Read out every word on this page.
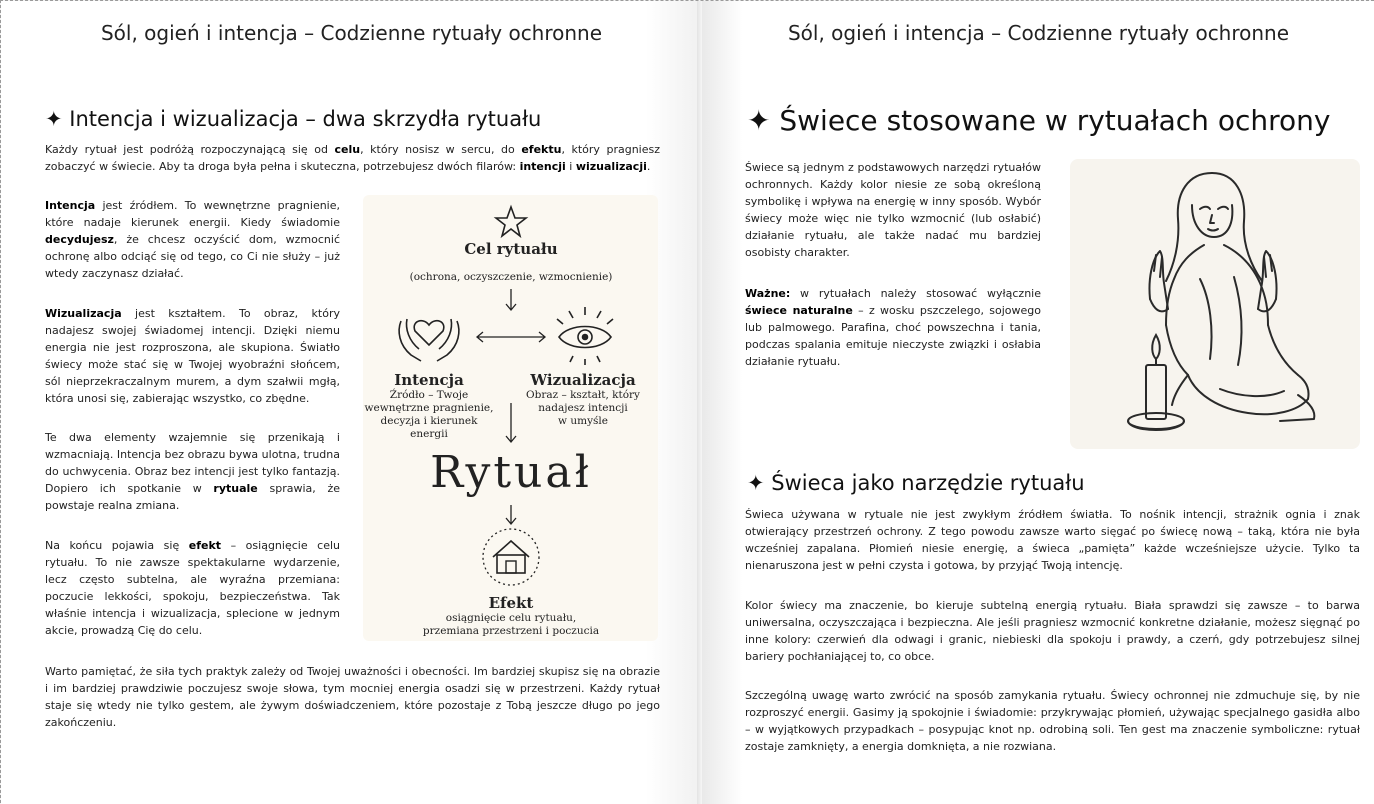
Sól, ogień i intencja – Codzienne rytuały ochronne
✦ Intencja i wizualizacja – dwa skrzydła rytuału

Każdy rytuał jest podróżą rozpoczynającą się od celu, który nosisz w sercu, do efektu, który pragniesz zobaczyć w świecie. Aby ta droga była pełna i skuteczna, potrzebujesz dwóch filarów: intencji i wizualizacji.

Intencja jest źródłem. To wewnętrzne pragnienie, które nadaje kierunek energii. Kiedy świadomie decydujesz, że chcesz oczyścić dom, wzmocnić ochronę albo odciąć się od tego, co Ci nie służy – już wtedy zaczynasz działać.

Wizualizacja jest kształtem. To obraz, który nadajesz swojej świadomej intencji. Dzięki niemu energia nie jest rozproszona, ale skupiona. Światło świecy może stać się w Twojej wyobraźni słońcem, sól nieprzekraczalnym murem, a dym szałwii mgłą, która unosi się, zabierając wszystko, co zbędne.

Te dwa elementy wzajemnie się przenikają i wzmacniają. Intencja bez obrazu bywa ulotna, trudna do uchwycenia. Obraz bez intencji jest tylko fantazją. Dopiero ich spotkanie w rytuale sprawia, że powstaje realna zmiana.

Na końcu pojawia się efekt – osiągnięcie celu rytuału. To nie zawsze spektakularne wydarzenie, lecz często subtelna, ale wyraźna przemiana: poczucie lekkości, spokoju, bezpieczeństwa. Tak właśnie intencja i wizualizacja, splecione w jednym akcie, prowadzą Cię do celu.

Cel rytuału
(ochrona, oczyszczenie, wzmocnienie)
Intencja
Źródło – Twoje
wewnętrzne pragnienie,
decyzja i kierunek
energii
Wizualizacja
Obraz – kształt, który
nadajesz intencji
w umyśle
Rytuał
Efekt
osiągnięcie celu rytuału,
przemiana przestrzeni i poczucia

Warto pamiętać, że siła tych praktyk zależy od Twojej uważności i obecności. Im bardziej skupisz się na obrazie i im bardziej prawdziwie poczujesz swoje słowa, tym mocniej energia osadzi się w przestrzeni. Każdy rytuał staje się wtedy nie tylko gestem, ale żywym doświadczeniem, które pozostaje z Tobą jeszcze długo po jego zakończeniu.

Sól, ogień i intencja – Codzienne rytuały ochronne
✦ Świece stosowane w rytuałach ochrony

Świece są jednym z podstawowych narzędzi rytuałów ochronnych. Każdy kolor niesie ze sobą określoną symbolikę i wpływa na energię w inny sposób. Wybór świecy może więc nie tylko wzmocnić (lub osłabić) działanie rytuału, ale także nadać mu bardziej osobisty charakter.

Ważne: w rytuałach należy stosować wyłącznie świece naturalne – z wosku pszczelego, sojowego lub palmowego. Parafina, choć powszechna i tania, podczas spalania emituje nieczyste związki i osłabia działanie rytuału.

✦ Świeca jako narzędzie rytuału

Świeca używana w rytuale nie jest zwykłym źródłem światła. To nośnik intencji, strażnik ognia i znak otwierający przestrzeń ochrony. Z tego powodu zawsze warto sięgać po świecę nową – taką, która nie była wcześniej zapalana. Płomień niesie energię, a świeca „pamięta” każde wcześniejsze użycie. Tylko ta nienaruszona jest w pełni czysta i gotowa, by przyjąć Twoją intencję.

Kolor świecy ma znaczenie, bo kieruje subtelną energią rytuału. Biała sprawdzi się zawsze – to barwa uniwersalna, oczyszczająca i bezpieczna. Ale jeśli pragniesz wzmocnić konkretne działanie, możesz sięgnąć po inne kolory: czerwień dla odwagi i granic, niebieski dla spokoju i prawdy, a czerń, gdy potrzebujesz silnej bariery pochłaniającej to, co obce.

Szczególną uwagę warto zwrócić na sposób zamykania rytuału. Świecy ochronnej nie zdmuchuje się, by nie rozproszyć energii. Gasimy ją spokojnie i świadomie: przykrywając płomień, używając specjalnego gasidła albo – w wyjątkowych przypadkach – posypując knot np. odrobiną soli. Ten gest ma znaczenie symboliczne: rytuał zostaje zamknięty, a energia domknięta, a nie rozwiana.
